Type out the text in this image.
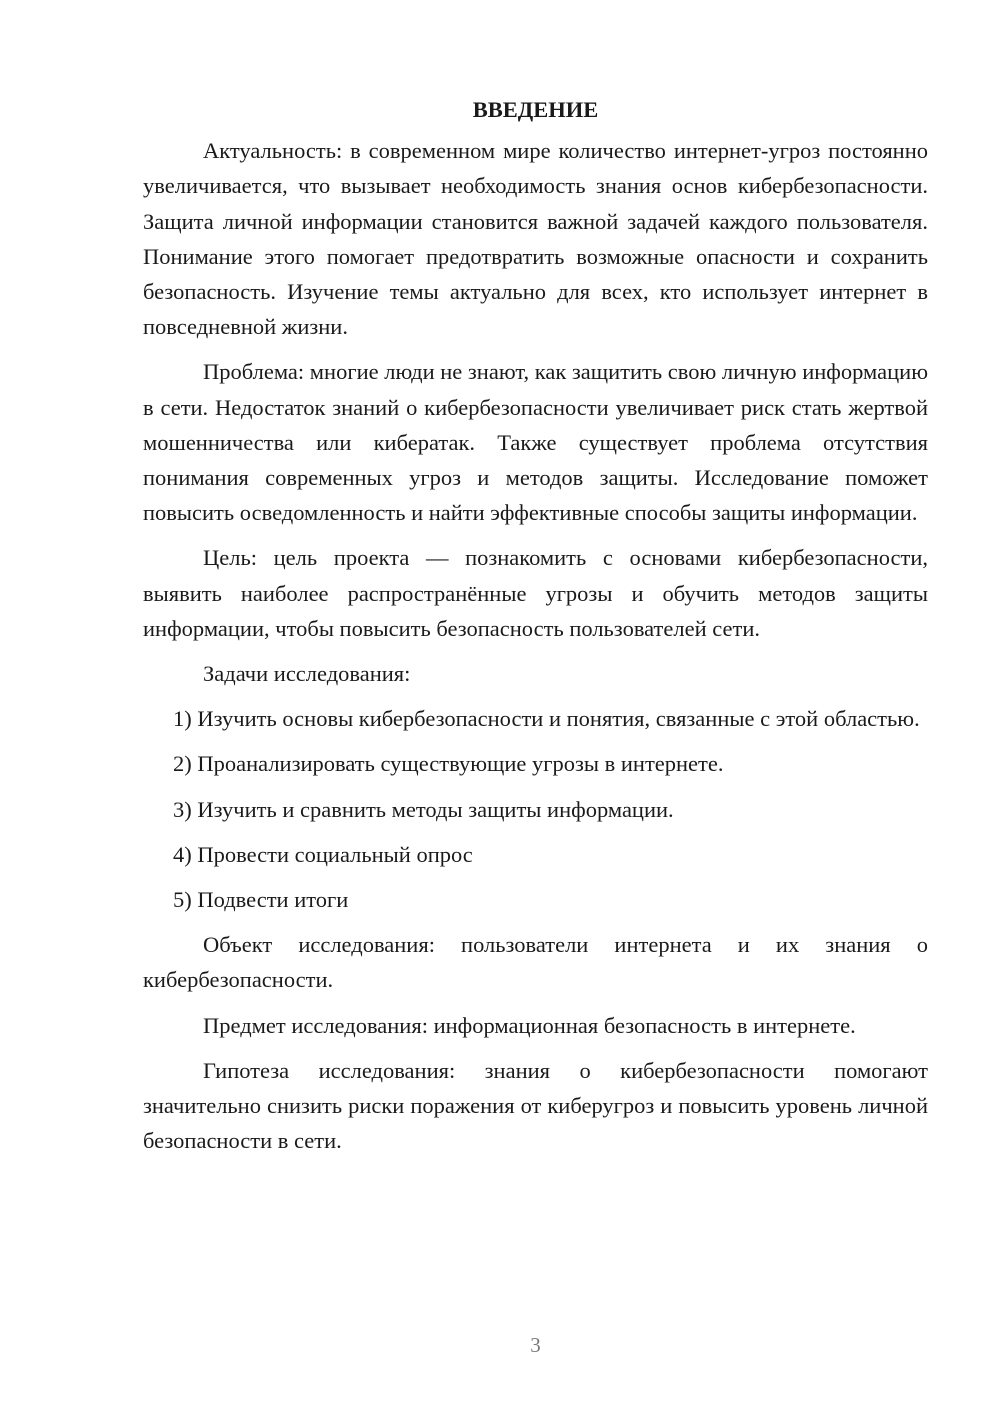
ВВЕДЕНИЕ

Актуальность: в современном мире количество интернет-угроз постоянно увеличивается, что вызывает необходимость знания основ кибербезопасности. Защита личной информации становится важной задачей каждого пользователя. Понимание этого помогает предотвратить возможные опасности и сохранить безопасность. Изучение темы актуально для всех, кто использует интернет в повседневной жизни.

Проблема: многие люди не знают, как защитить свою личную информацию в сети. Недостаток знаний о кибербезопасности увеличивает риск стать жертвой мошенничества или кибератак. Также существует проблема отсутствия понимания современных угроз и методов защиты. Исследование поможет повысить осведомленность и найти эффективные способы защиты информации.

Цель: цель проекта — познакомить с основами кибербезопасности, выявить наиболее распространённые угрозы и обучить методов защиты информации, чтобы повысить безопасность пользователей сети.

Задачи исследования:

1) Изучить основы кибербезопасности и понятия, связанные с этой областью.

2) Проанализировать существующие угрозы в интернете.

3) Изучить и сравнить методы защиты информации.

4) Провести социальный опрос

5) Подвести итоги

Объект исследования: пользователи интернета и их знания о кибербезопасности.

Предмет исследования: информационная безопасность в интернете.

Гипотеза исследования: знания о кибербезопасности помогают значительно снизить риски поражения от киберугроз и повысить уровень личной безопасности в сети.

3
